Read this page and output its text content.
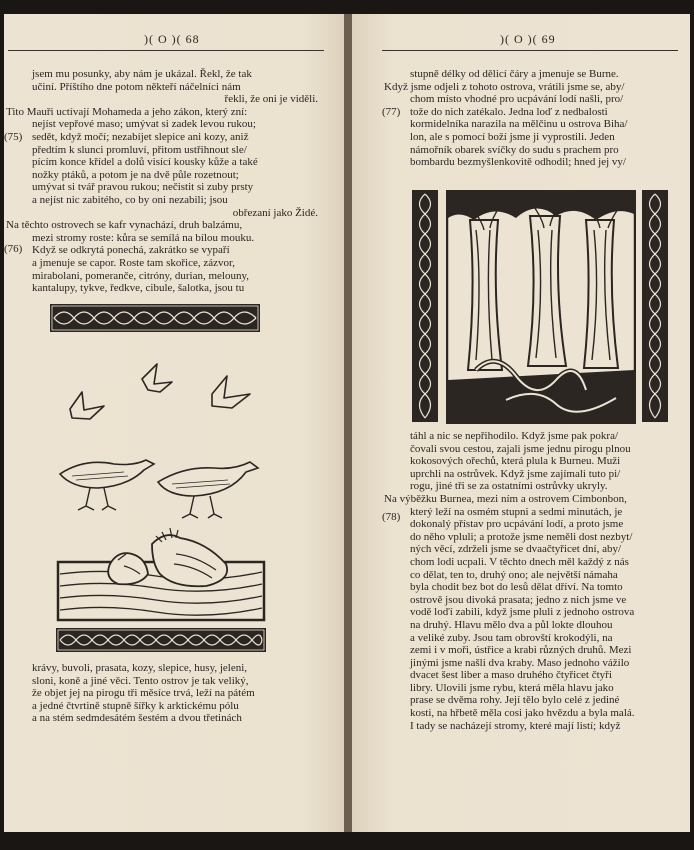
)( O )( 68
jsem mu posunky, aby nám je ukázal. Řekl, že tak
učiní. Příštího dne potom někteří náčelníci nám
řekli, že oni je viděli.
Tito Mauři uctívají Mohameda a jeho zákon, který zní:
nejíst vepřové maso; umývat si zadek levou rukou;
sedět, když močí; nezabíjet slepice ani kozy, aniž
předtím k slunci promluví, přitom ustřihnout sle/
pícím konce křídel a dolů visící kousky kůže a také
nožky ptáků, a potom je na dvě půle rozetnout;
umývat si tvář pravou rukou; nečistit si zuby prsty
a nejíst nic zabitého, co by oni nezabili; jsou
obřezaní jako Židé.
Na těchto ostrovech se kafr vynachází, druh balzámu,
mezi stromy roste: kůra se semílá na bílou mouku.
Když se odkrytá ponechá, zakrátko se vypaří
a jmenuje se capor. Roste tam skořice, zázvor,
mirabolani, pomeranče, citróny, durian, melouny,
kantalupy, tykve, ředkve, cibule, šalotka, jsou tu
(75)
(76)
krávy, buvoli, prasata, kozy, slepice, husy, jeleni,
sloni, koně a jiné věci. Tento ostrov je tak veliký,
že objet jej na pirogu tři měsíce trvá, leží na pátém
a jedné čtvrtině stupně šířky k arktickému pólu
a na stém sedmdesátém šestém a dvou třetinách
)( O )( 69
stupně délky od dělicí čáry a jmenuje se Burne.
Když jsme odjeli z tohoto ostrova, vrátili jsme se, aby/
chom místo vhodné pro ucpávání lodí našli, pro/
tože do nich zatékalo. Jedna loď z nedbalosti
kormidelníka narazila na mělčinu u ostrova Biha/
lon, ale s pomocí boží jsme ji vyprostili. Jeden
námořník obarek svíčky do sudu s prachem pro
bombardu bezmyšlenkovitě odhodil; hned jej vy/
(77)
(78)
táhl a nic se nepřihodilo. Když jsme pak pokra/
čovali svou cestou, zajali jsme jednu pirogu plnou
kokosových ořechů, která plula k Burneu. Muži
uprchli na ostrůvek. Když jsme zajímali tuto pi/
rogu, jiné tři se za ostatními ostrůvky ukryly.
Na výběžku Burnea, mezi ním a ostrovem Cimbonbon,
který leží na osmém stupni a sedmi minutách, je
dokonalý přístav pro ucpávání lodí, a proto jsme
do něho vpluli; a protože jsme neměli dost nezbyt/
ných věcí, zdrželi jsme se dvaačtyřicet dní, aby/
chom lodi ucpali. V těchto dnech měl každý z nás
co dělat, ten to, druhý ono; ale největší námaha
byla chodit bez bot do lesů dělat dříví. Na tomto
ostrově jsou divoká prasata; jedno z nich jsme ve
vodě loďí zabili, když jsme pluli z jednoho ostrova
na druhý. Hlavu mělo dva a půl lokte dlouhou
a veliké zuby. Jsou tam obrovští krokodýli, na
zemi i v moři, ústřice a krabi různých druhů. Mezi
jinými jsme našli dva kraby. Maso jednoho vážilo
dvacet šest liber a maso druhého čtyřicet čtyři
libry. Ulovili jsme rybu, která měla hlavu jako
prase se dvěma rohy. Její tělo bylo celé z jediné
kosti, na hřbetě měla cosi jako hvězdu a byla malá.
I tady se nacházejí stromy, které mají listí; když
